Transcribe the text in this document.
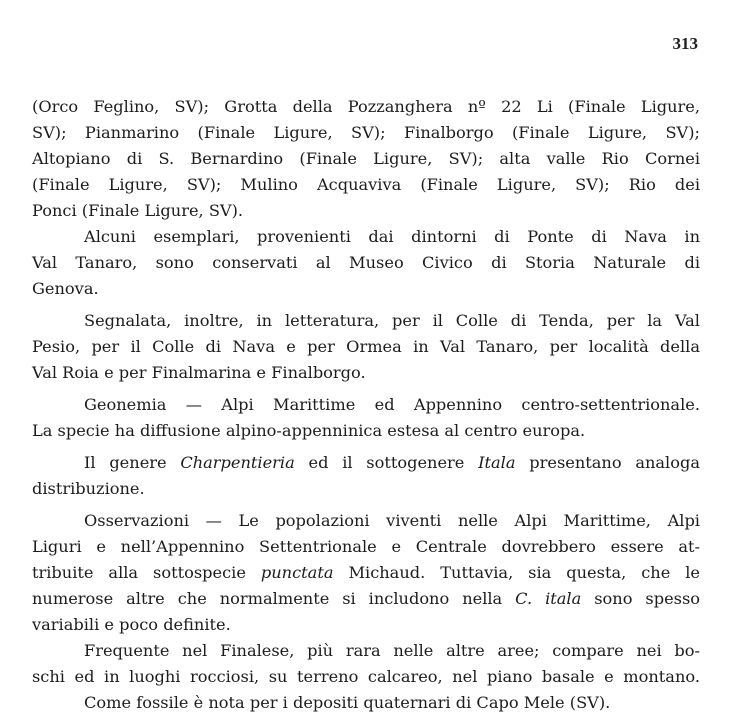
313
(Orco Feglino, SV); Grotta della Pozzanghera nº 22 Li (Finale Ligure,
SV); Pianmarino (Finale Ligure, SV); Finalborgo (Finale Ligure, SV);
Altopiano di S. Bernardino (Finale Ligure, SV); alta valle Rio Cornei
(Finale Ligure, SV); Mulino Acquaviva (Finale Ligure, SV); Rio dei
Ponci (Finale Ligure, SV).
Alcuni esemplari, provenienti dai dintorni di Ponte di Nava in
Val Tanaro, sono conservati al Museo Civico di Storia Naturale di
Genova.
Segnalata, inoltre, in letteratura, per il Colle di Tenda, per la Val
Pesio, per il Colle di Nava e per Ormea in Val Tanaro, per località della
Val Roia e per Finalmarina e Finalborgo.
Geonemia — Alpi Marittime ed Appennino centro-settentrionale.
La specie ha diffusione alpino-appenninica estesa al centro europa.
Il genere Charpentieria ed il sottogenere Itala presentano analoga
distribuzione.
Osservazioni — Le popolazioni viventi nelle Alpi Marittime, Alpi
Liguri e nell’Appennino Settentrionale e Centrale dovrebbero essere at-
tribuite alla sottospecie punctata Michaud. Tuttavia, sia questa, che le
numerose altre che normalmente si includono nella C. itala sono spesso
variabili e poco definite.
Frequente nel Finalese, più rara nelle altre aree; compare nei bo-
schi ed in luoghi rocciosi, su terreno calcareo, nel piano basale e montano.
Come fossile è nota per i depositi quaternari di Capo Mele (SV).
